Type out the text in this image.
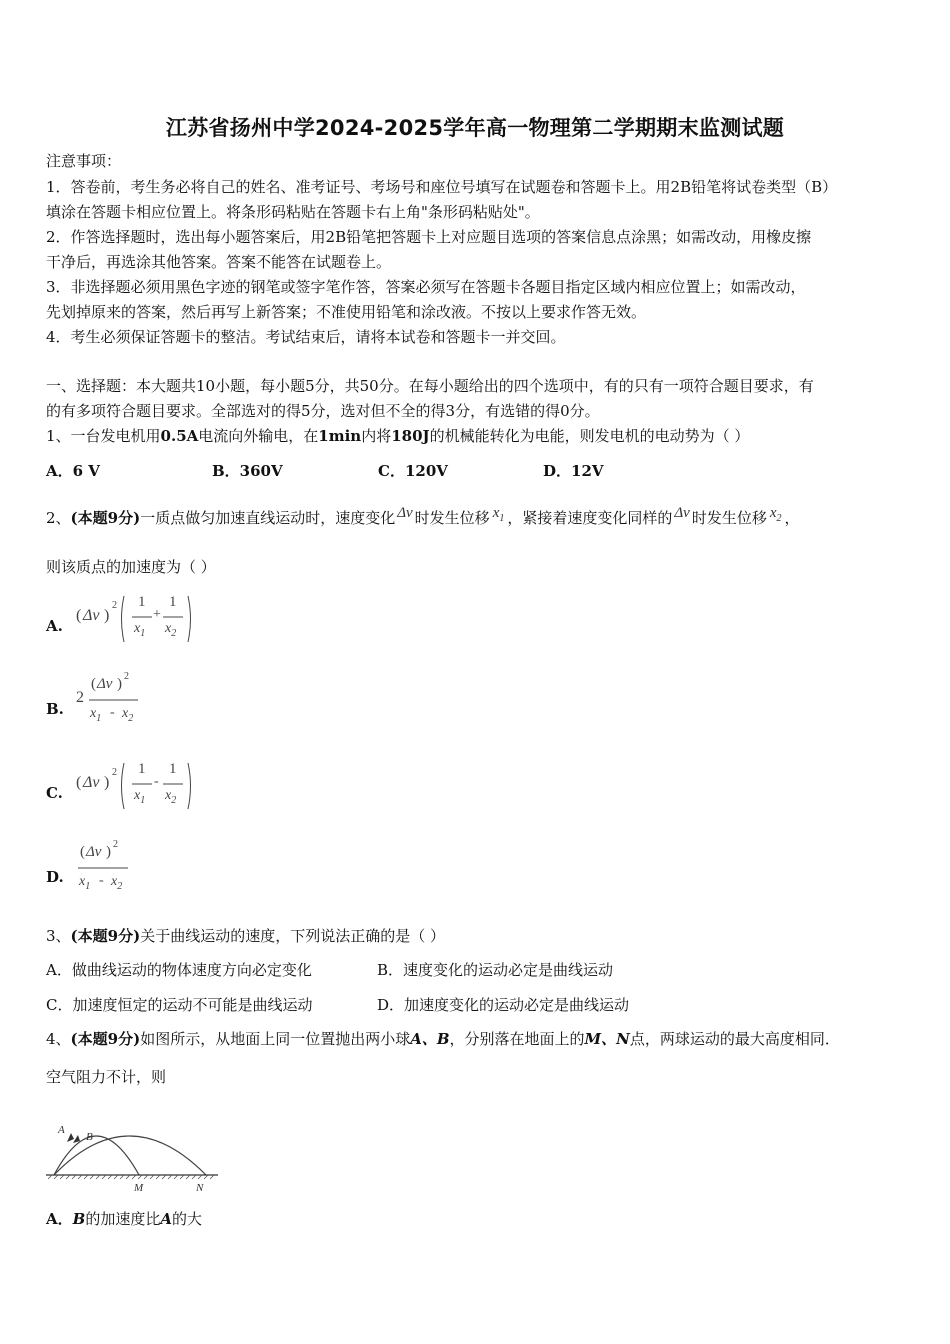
江苏省扬州中学2024-2025学年高一物理第二学期期末监测试题
注意事项：
1．答卷前，考生务必将自己的姓名、准考证号、考场号和座位号填写在试题卷和答题卡上。用2B铅笔将试卷类型（B）
填涂在答题卡相应位置上。将条形码粘贴在答题卡右上角"条形码粘贴处"。
2．作答选择题时，选出每小题答案后，用2B铅笔把答题卡上对应题目选项的答案信息点涂黑；如需改动，用橡皮擦
干净后，再选涂其他答案。答案不能答在试题卷上。
3．非选择题必须用黑色字迹的钢笔或签字笔作答，答案必须写在答题卡各题目指定区域内相应位置上；如需改动，
先划掉原来的答案，然后再写上新答案；不准使用铅笔和涂改液。不按以上要求作答无效。
4．考生必须保证答题卡的整洁。考试结束后，请将本试卷和答题卡一并交回。
一、选择题：本大题共10小题，每小题5分，共50分。在每小题给出的四个选项中，有的只有一项符合题目要求，有
的有多项符合题目要求。全部选对的得5分，选对但不全的得3分，有选错的得0分。
1、一台发电机用0.5A电流向外输电，在1min内将180J的机械能转化为电能，则发电机的电动势为（ ）
A．6 V	B．360V	C．120V	D．12V
2、(本题9分)一质点做匀加速直线运动时，速度变化 Δv 时发生位移 $x_1$ ，紧接着速度变化同样的 Δv 时发生位移 $x_2$ ，
则该质点的加速度为（ ）
A.
( Δv )
2 1
$x_1$
+
1
$x_2$
B.
2
( Δv ) 2
$x_1 - x_2$
C.
( Δv )
2 1
$x_1$
-
1
$x_2$
D.
( Δv ) 2
$x_1 - x_2$
3、(本题9分)关于曲线运动的速度，下列说法正确的是（ ）
A．做曲线运动的物体速度方向必定变化	B．速度变化的运动必定是曲线运动
C．加速度恒定的运动不可能是曲线运动	D．加速度变化的运动必定是曲线运动
4、(本题9分)如图所示，从地面上同一位置抛出两小球A、B，分别落在地面上的M、N点，两球运动的最大高度相同．
空气阻力不计，则
A
B
M	N
A．B的加速度比A的大
